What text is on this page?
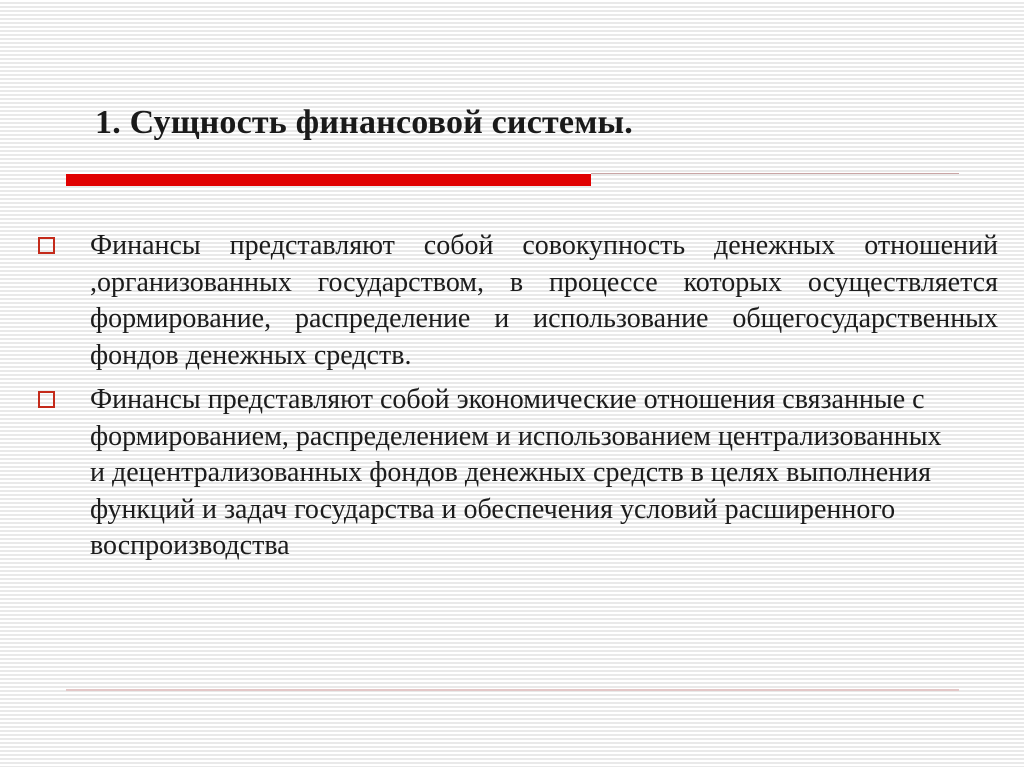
1. Сущность финансовой системы.
Финансы представляют собой совокупность денежных отношений ,организованных государством, в процессе которых осуществляется формирование, распределение и использование общегосударственных фондов денежных средств.
Финансы представляют собой экономические отношения связанные с формированием, распределением и использованием централизованных и децентрализованных фондов денежных средств в целях выполнения функций и задач государства и обеспечения условий расширенного воспроизводства
